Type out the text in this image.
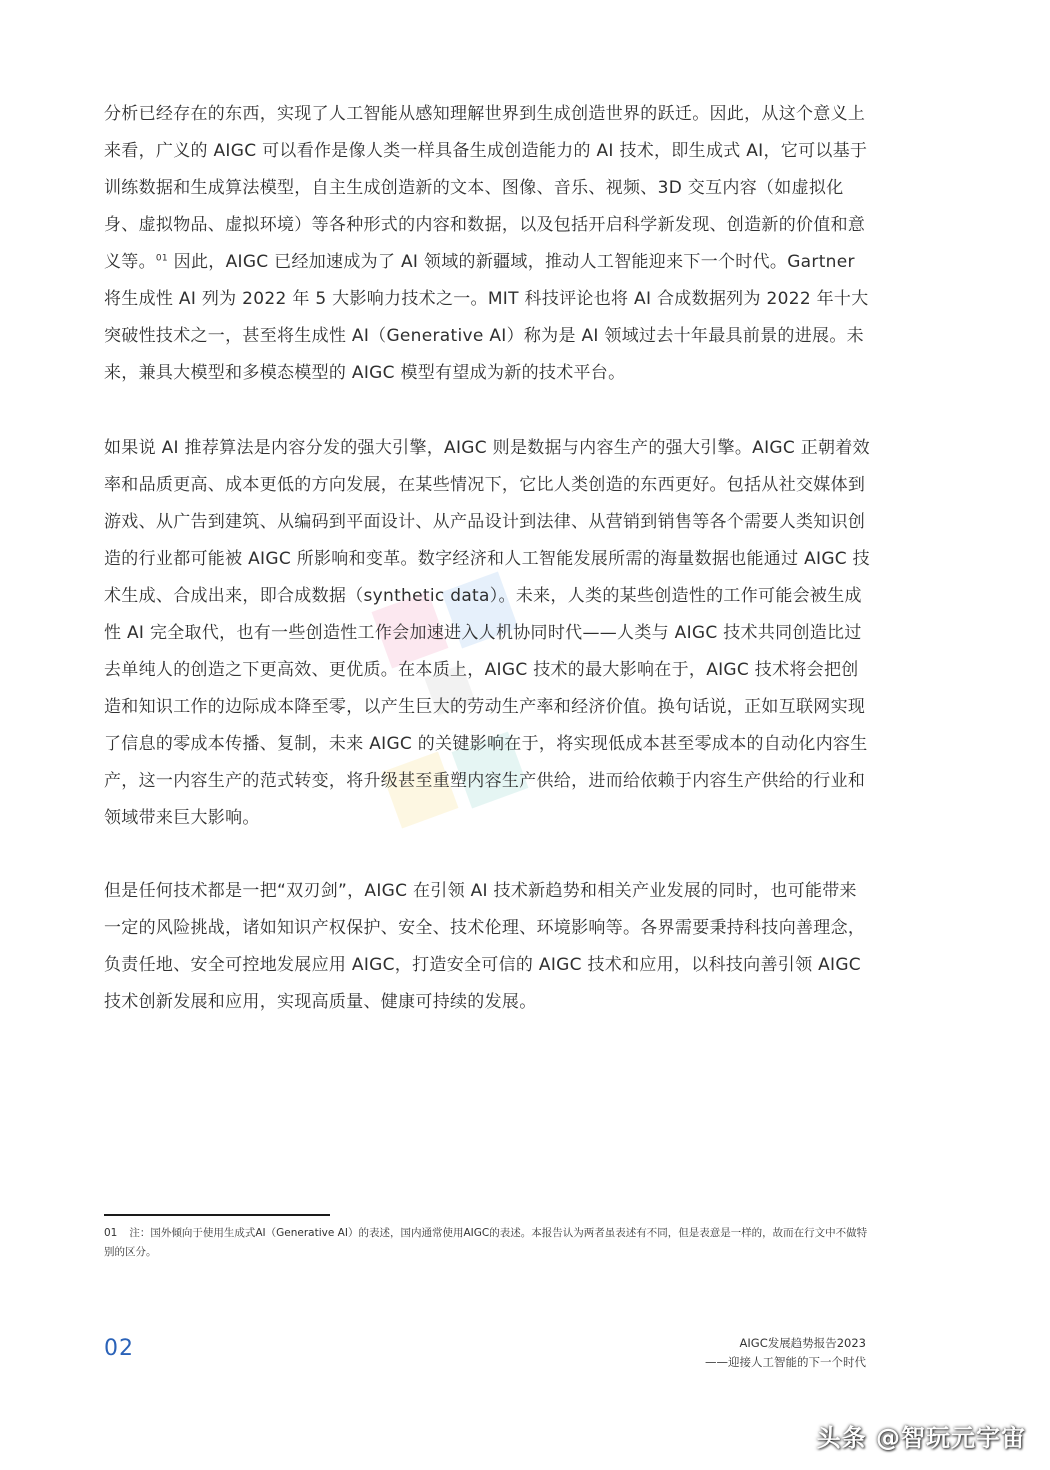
分析已经存在的东西，实现了人工智能从感知理解世界到生成创造世界的跃迁。因此，从这个意义上来看，广义的 AIGC 可以看作是像人类一样具备生成创造能力的 AI 技术，即生成式 AI，它可以基于训练数据和生成算法模型，自主生成创造新的文本、图像、音乐、视频、3D 交互内容（如虚拟化身、虚拟物品、虚拟环境）等各种形式的内容和数据，以及包括开启科学新发现、创造新的价值和意义等。$^{01}$ 因此，AIGC 已经加速成为了 AI 领域的新疆域，推动人工智能迎来下一个时代。Gartner 将生成性 AI 列为 2022 年 5 大影响力技术之一。MIT 科技评论也将 AI 合成数据列为 2022 年十大突破性技术之一，甚至将生成性 AI（Generative AI）称为是 AI 领域过去十年最具前景的进展。未来，兼具大模型和多模态模型的 AIGC 模型有望成为新的技术平台。

如果说 AI 推荐算法是内容分发的强大引擎，AIGC 则是数据与内容生产的强大引擎。AIGC 正朝着效率和品质更高、成本更低的方向发展，在某些情况下，它比人类创造的东西更好。包括从社交媒体到游戏、从广告到建筑、从编码到平面设计、从产品设计到法律、从营销到销售等各个需要人类知识创造的行业都可能被 AIGC 所影响和变革。数字经济和人工智能发展所需的海量数据也能通过 AIGC 技术生成、合成出来，即合成数据（synthetic data）。未来，人类的某些创造性的工作可能会被生成性 AI 完全取代，也有一些创造性工作会加速进入人机协同时代——人类与 AIGC 技术共同创造比过去单纯人的创造之下更高效、更优质。在本质上，AIGC 技术的最大影响在于，AIGC 技术将会把创造和知识工作的边际成本降至零，以产生巨大的劳动生产率和经济价值。换句话说，正如互联网实现了信息的零成本传播、复制，未来 AIGC 的关键影响在于，将实现低成本甚至零成本的自动化内容生产，这一内容生产的范式转变，将升级甚至重塑内容生产供给，进而给依赖于内容生产供给的行业和领域带来巨大影响。

但是任何技术都是一把“双刃剑”，AIGC 在引领 AI 技术新趋势和相关产业发展的同时，也可能带来一定的风险挑战，诸如知识产权保护、安全、技术伦理、环境影响等。各界需要秉持科技向善理念，负责任地、安全可控地发展应用 AIGC，打造安全可信的 AIGC 技术和应用，以科技向善引领 AIGC 技术创新发展和应用，实现高质量、健康可持续的发展。

01 注：国外倾向于使用生成式AI（Generative AI）的表述，国内通常使用AIGC的表述。本报告认为两者虽表述有不同，但是表意是一样的，故而在行文中不做特别的区分。

02	AIGC发展趋势报告2023
——迎接人工智能的下一个时代
头条 @智玩元宇宙
